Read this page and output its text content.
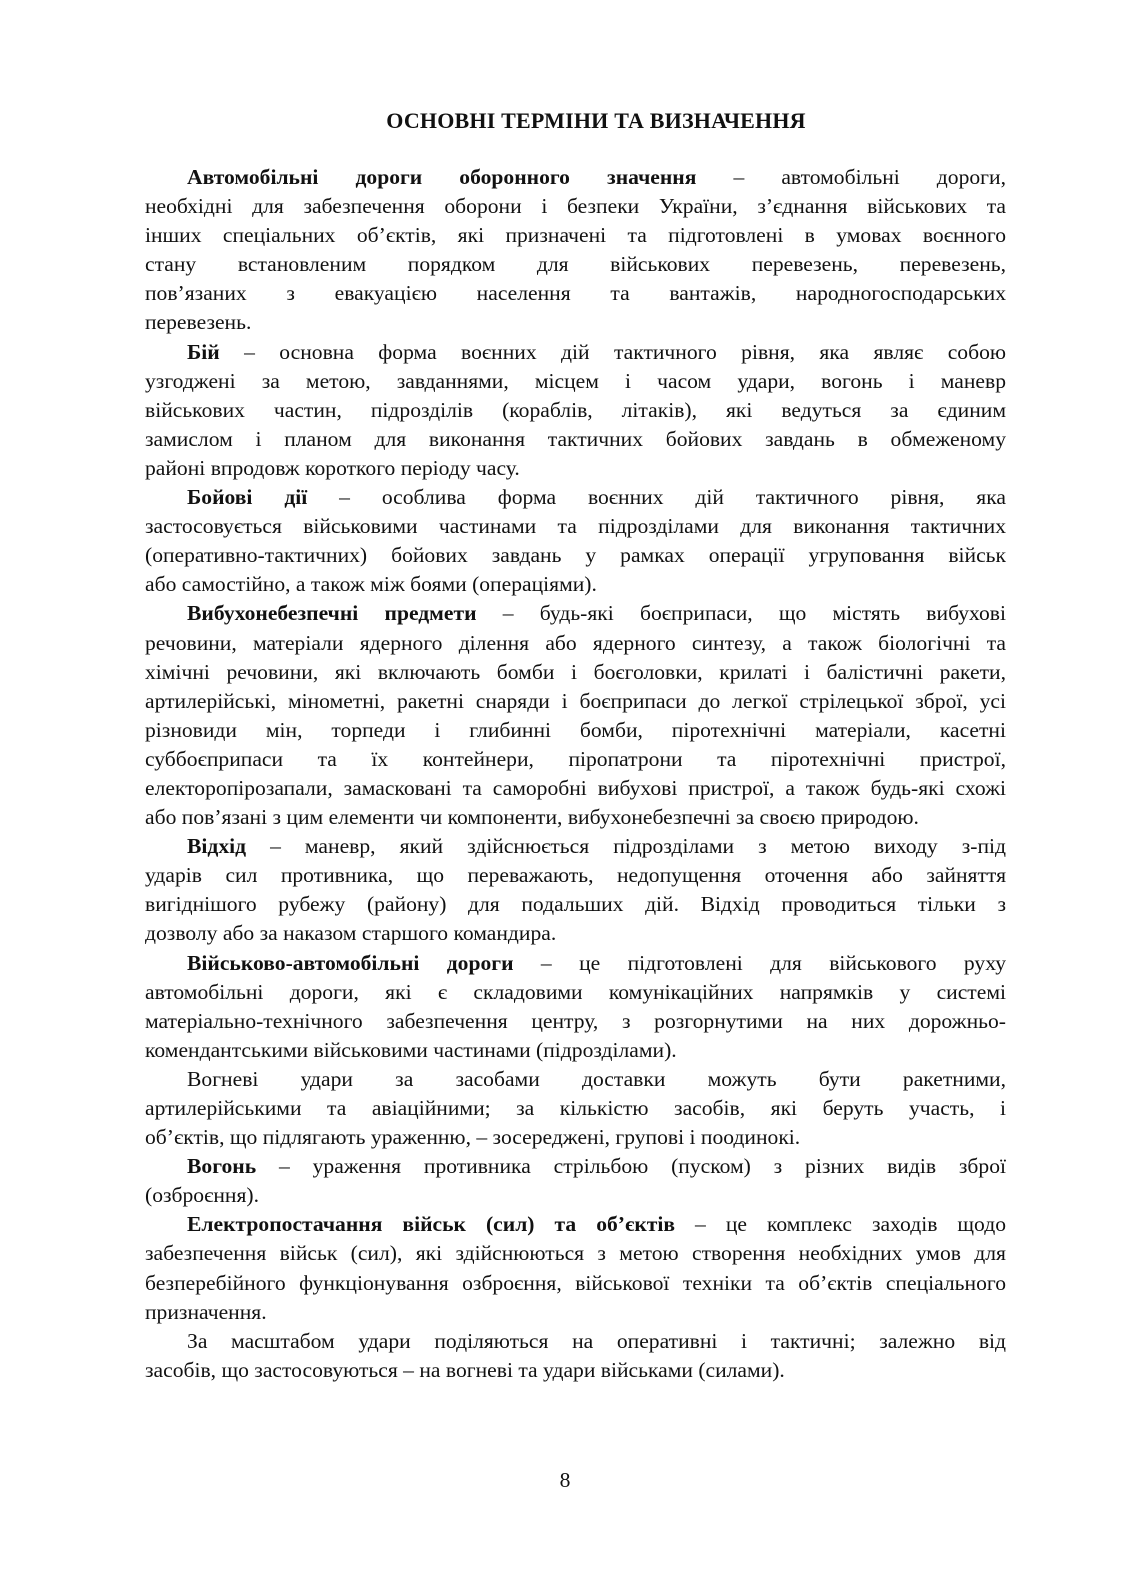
ОСНОВНІ ТЕРМІНИ ТА ВИЗНАЧЕННЯ
Автомобільні дороги оборонного значення – автомобільні дороги,
необхідні для забезпечення оборони і безпеки України, з’єднання військових та
інших спеціальних об’єктів, які призначені та підготовлені в умовах воєнного
стану встановленим порядком для військових перевезень, перевезень,
пов’язаних з евакуацією населення та вантажів, народногосподарських
перевезень.
Бій – основна форма воєнних дій тактичного рівня, яка являє собою
узгоджені за метою, завданнями, місцем і часом удари, вогонь і маневр
військових частин, підрозділів (кораблів, літаків), які ведуться за єдиним
замислом і планом для виконання тактичних бойових завдань в обмеженому
районі впродовж короткого періоду часу.
Бойові дії – особлива форма воєнних дій тактичного рівня, яка
застосовується військовими частинами та підрозділами для виконання тактичних
(оперативно-тактичних) бойових завдань у рамках операції угруповання військ
або самостійно, а також між боями (операціями).
Вибухонебезпечні предмети – будь-які боєприпаси, що містять вибухові
речовини, матеріали ядерного ділення або ядерного синтезу, а також біологічні та
хімічні речовини, які включають бомби і боєголовки, крилаті і балістичні ракети,
артилерійські, мінометні, ракетні снаряди і боєприпаси до легкої стрілецької зброї, усі
різновиди мін, торпеди і глибинні бомби, піротехнічні матеріали, касетні
суббоєприпаси та їх контейнери, піропатрони та піротехнічні пристрої,
електоропірозапали, замасковані та саморобні вибухові пристрої, а також будь-які схожі
або пов’язані з цим елементи чи компоненти, вибухонебезпечні за своєю природою.
Відхід – маневр, який здійснюється підрозділами з метою виходу з-під
ударів сил противника, що переважають, недопущення оточення або зайняття
вигіднішого рубежу (району) для подальших дій. Відхід проводиться тільки з
дозволу або за наказом старшого командира.
Військово-автомобільні дороги – це підготовлені для військового руху
автомобільні дороги, які є складовими комунікаційних напрямків у системі
матеріально-технічного забезпечення центру, з розгорнутими на них дорожньо-
комендантськими військовими частинами (підрозділами).
Вогневі удари за засобами доставки можуть бути ракетними,
артилерійськими та авіаційними; за кількістю засобів, які беруть участь, і
об’єктів, що підлягають ураженню, – зосереджені, групові і поодинокі.
Вогонь – ураження противника стрільбою (пуском) з різних видів зброї
(озброєння).
Електропостачання військ (сил) та об’єктів – це комплекс заходів щодо
забезпечення військ (сил), які здійснюються з метою створення необхідних умов для
безперебійного функціонування озброєння, військової техніки та об’єктів спеціального
призначення.
За масштабом удари поділяються на оперативні і тактичні; залежно від
засобів, що застосовуються – на вогневі та удари військами (силами).
8
